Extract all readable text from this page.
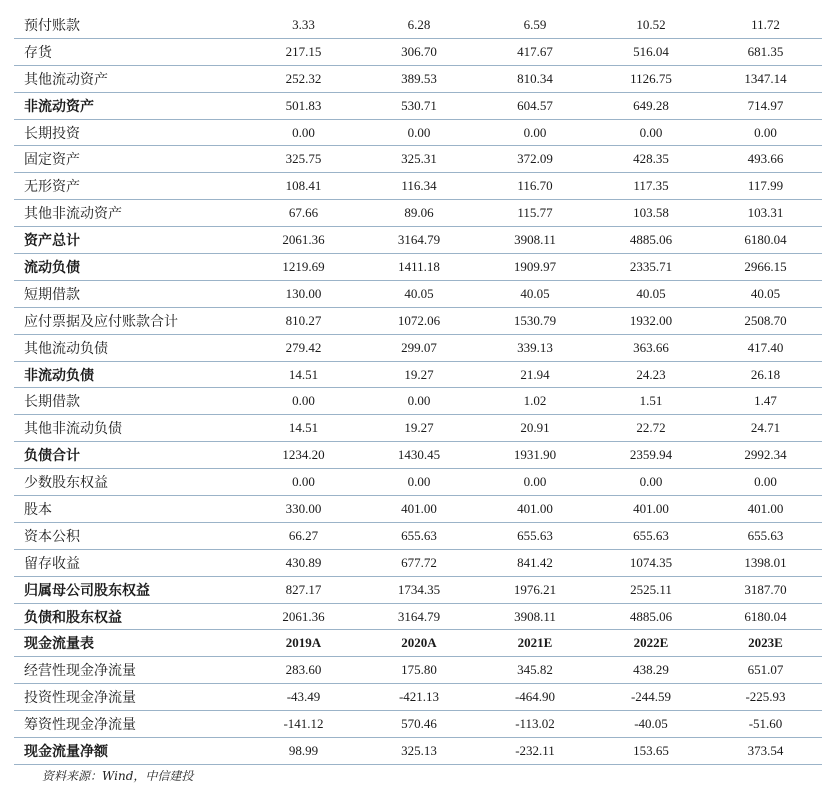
预付账款	3.33	6.28	6.59	10.52	11.72
存货	217.15	306.70	417.67	516.04	681.35
其他流动资产	252.32	389.53	810.34	1126.75	1347.14
非流动资产	501.83	530.71	604.57	649.28	714.97
长期投资	0.00	0.00	0.00	0.00	0.00
固定资产	325.75	325.31	372.09	428.35	493.66
无形资产	108.41	116.34	116.70	117.35	117.99
其他非流动资产	67.66	89.06	115.77	103.58	103.31
资产总计	2061.36	3164.79	3908.11	4885.06	6180.04
流动负债	1219.69	1411.18	1909.97	2335.71	2966.15
短期借款	130.00	40.05	40.05	40.05	40.05
应付票据及应付账款合计	810.27	1072.06	1530.79	1932.00	2508.70
其他流动负债	279.42	299.07	339.13	363.66	417.40
非流动负债	14.51	19.27	21.94	24.23	26.18
长期借款	0.00	0.00	1.02	1.51	1.47
其他非流动负债	14.51	19.27	20.91	22.72	24.71
负债合计	1234.20	1430.45	1931.90	2359.94	2992.34
少数股东权益	0.00	0.00	0.00	0.00	0.00
股本	330.00	401.00	401.00	401.00	401.00
资本公积	66.27	655.63	655.63	655.63	655.63
留存收益	430.89	677.72	841.42	1074.35	1398.01
归属母公司股东权益	827.17	1734.35	1976.21	2525.11	3187.70
负债和股东权益	2061.36	3164.79	3908.11	4885.06	6180.04
现金流量表	2019A	2020A	2021E	2022E	2023E
经营性现金净流量	283.60	175.80	345.82	438.29	651.07
投资性现金净流量	-43.49	-421.13	-464.90	-244.59	-225.93
筹资性现金净流量	-141.12	570.46	-113.02	-40.05	-51.60
现金流量净额	98.99	325.13	-232.11	153.65	373.54
资料来源：Wind，中信建投
